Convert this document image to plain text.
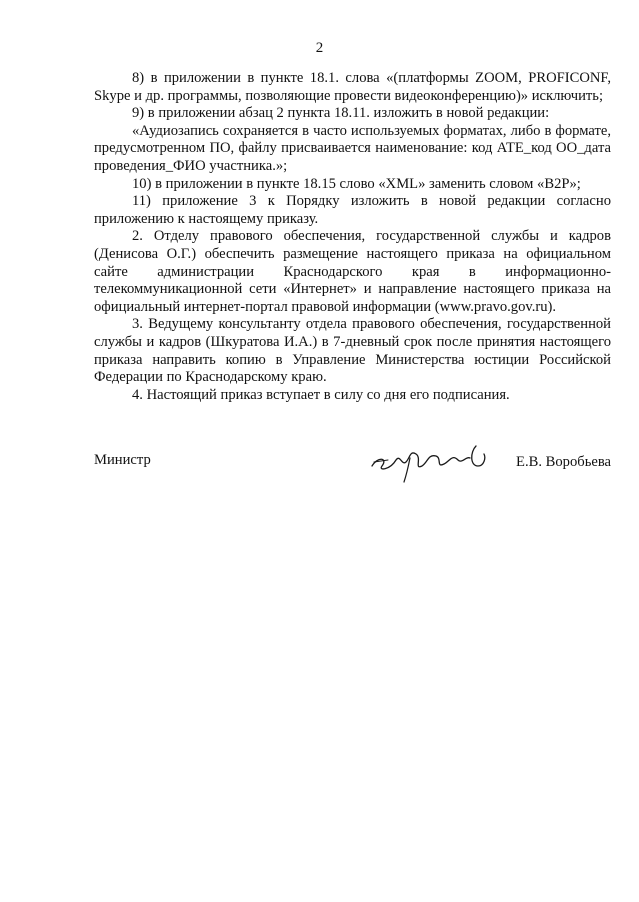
2

8) в приложении в пункте 18.1. слова «(платформы ZOOM, PROFICONF, Skype и др. программы, позволяющие провести видеоконференцию)» исключить;

9) в приложении абзац 2 пункта 18.11. изложить в новой редакции:

«Аудиозапись сохраняется в часто используемых форматах, либо в формате, предусмотренном ПО, файлу присваивается наименование: код АТЕ_код ОО_дата проведения_ФИО участника.»;

10) в приложении в пункте 18.15 слово «XML» заменить словом «B2P»;

11) приложение 3 к Порядку изложить в новой редакции согласно приложению к настоящему приказу.

2. Отделу правового обеспечения, государственной службы и кадров (Денисова О.Г.) обеспечить размещение настоящего приказа на официальном сайте администрации Краснодарского края в информационно-телекоммуникационной сети «Интернет» и направление настоящего приказа на официальный интернет-портал правовой информации (www.pravo.gov.ru).

3. Ведущему консультанту отдела правового обеспечения, государственной службы и кадров (Шкуратова И.А.) в 7-дневный срок после принятия настоящего приказа направить копию в Управление Министерства юстиции Российской Федерации по Краснодарскому краю.

4. Настоящий приказ вступает в силу со дня его подписания.

Министр	Е.В. Воробьева
